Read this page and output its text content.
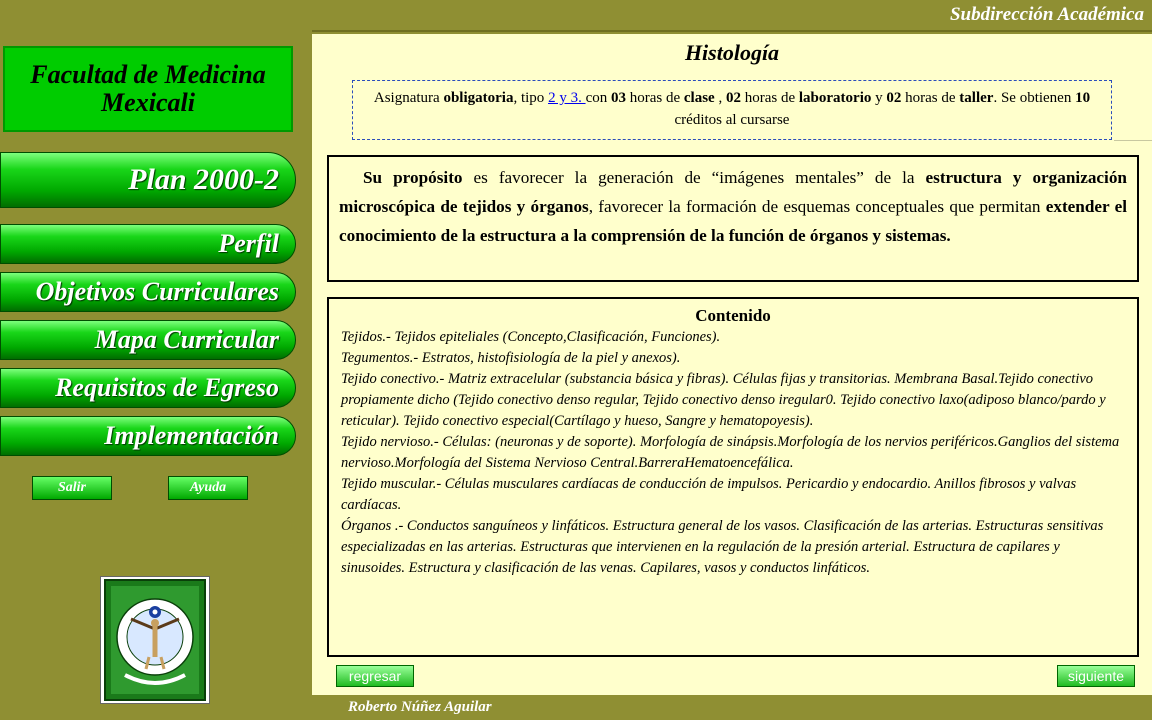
Subdirección Académica
Facultad de Medicina
Mexicali
Plan 2000-2
Perfil
Objetivos Curriculares
Mapa Curricular
Requisitos de Egreso
Implementación
Salir	Ayuda
Histología
Asignatura obligatoria, tipo 2 y 3. con 03 horas de clase , 02 horas de laboratorio y 02 horas de taller. Se obtienen 10 créditos al cursarse
Su propósito es favorecer la generación de “imágenes mentales” de la estructura y organización microscópica de tejidos y órganos, favorecer la formación de esquemas conceptuales que permitan extender el conocimiento de la estructura a la comprensión de la función de órganos y sistemas.
Contenido

Tejidos.- Tejidos epiteliales (Concepto,Clasificación, Funciones).

Tegumentos.- Estratos, histofisiología de la piel y anexos).

Tejido conectivo.- Matriz extracelular (substancia básica y fibras). Células fijas y transitorias. Membrana Basal.Tejido conectivo propiamente dicho (Tejido conectivo denso regular, Tejido conectivo denso iregular0. Tejido conectivo laxo(adiposo blanco/pardo y reticular). Tejido conectivo especial(Cartílago y hueso, Sangre y hematopoyesis).

Tejido nervioso.- Células: (neuronas y de soporte). Morfología de sinápsis.Morfología de los nervios periféricos.Ganglios del sistema nervioso.Morfología del Sistema Nervioso Central.BarreraHematoencefálica.

Tejido muscular.- Células musculares cardíacas de conducción de impulsos. Pericardio y endocardio. Anillos fibrosos y valvas cardíacas.

Órganos .- Conductos sanguíneos y linfáticos. Estructura general de los vasos. Clasificación de las arterias. Estructuras sensitivas especializadas en las arterias. Estructuras que intervienen en la regulación de la presión arterial. Estructura de capilares y sinusoides. Estructura y clasificación de las venas. Capilares, vasos y conductos linfáticos.

regresar	siguiente
Roberto Núñez Aguilar
